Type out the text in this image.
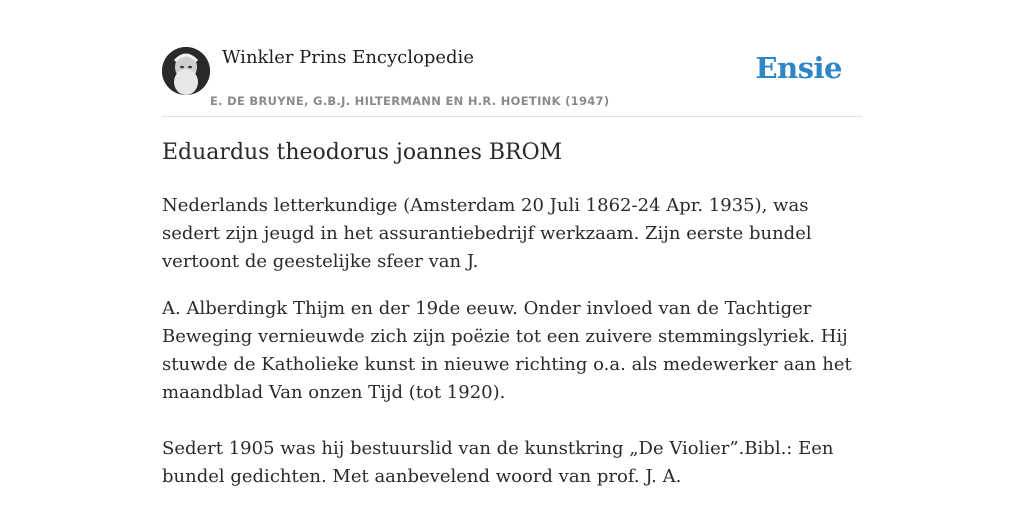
Winkler Prins Encyclopedie
E. DE BRUYNE, G.B.J. HILTERMANN EN H.R. HOETINK (1947)
Ensie
Eduardus theodorus joannes BROM

Nederlands letterkundige (Amsterdam 20 Juli 1862-24 Apr. 1935), was sedert zijn jeugd in het assurantiebedrijf werkzaam. Zijn eerste bundel vertoont de geestelijke sfeer van J.

A. Alberdingk Thijm en der 19de eeuw. Onder invloed van de Tachtiger Beweging vernieuwde zich zijn poëzie tot een zuivere stemmingslyriek. Hij stuwde de Katholieke kunst in nieuwe richting o.a. als medewerker aan het maandblad Van onzen Tijd (tot 1920).

Sedert 1905 was hij bestuurslid van de kunstkring „De Violier”.Bibl.: Een bundel gedichten. Met aanbevelend woord van prof. J. A.
